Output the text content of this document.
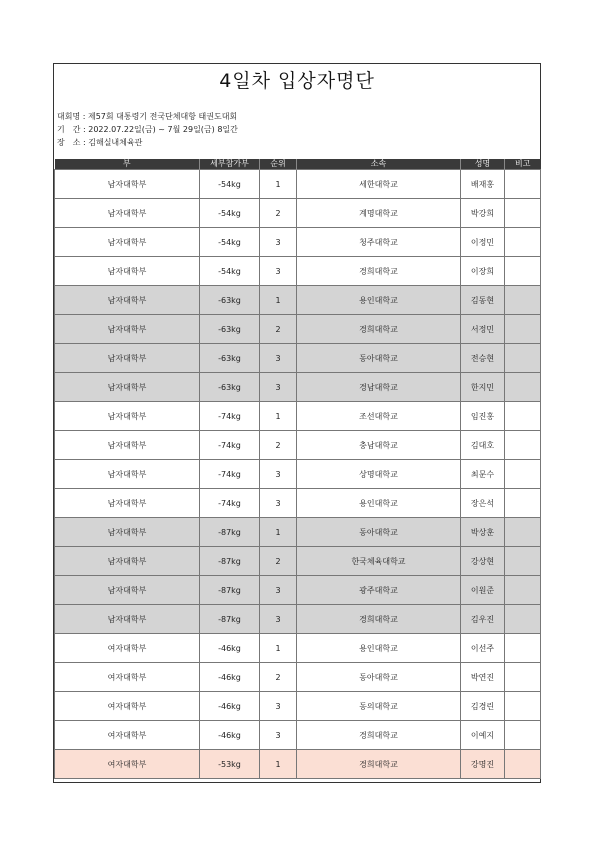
4일차 입상자명단
대회명 : 제57회 대통령기 전국단체대항 태권도대회
기　간 : 2022.07.22일(금) ~ 7월 29일(금) 8일간
장　소 : 김해실내체육관
부	세부참가부	순위	소속	성명	비고
남자대학부	-54kg	1	세한대학교	배재홍	
남자대학부	-54kg	2	계명대학교	박강희	
남자대학부	-54kg	3	청주대학교	이정민	
남자대학부	-54kg	3	경희대학교	이장희	
남자대학부	-63kg	1	용인대학교	김동현	
남자대학부	-63kg	2	경희대학교	서정민	
남자대학부	-63kg	3	동아대학교	전승현	
남자대학부	-63kg	3	경남대학교	한지민	
남자대학부	-74kg	1	조선대학교	임진홍	
남자대학부	-74kg	2	충남대학교	김대호	
남자대학부	-74kg	3	상명대학교	최문수	
남자대학부	-74kg	3	용인대학교	장은석	
남자대학부	-87kg	1	동아대학교	박상훈	
남자대학부	-87kg	2	한국체육대학교	강상현	
남자대학부	-87kg	3	광주대학교	이원준	
남자대학부	-87kg	3	경희대학교	김우진	
여자대학부	-46kg	1	용인대학교	이선주	
여자대학부	-46kg	2	동아대학교	박연진	
여자대학부	-46kg	3	동의대학교	김경린	
여자대학부	-46kg	3	경희대학교	이예지	
여자대학부	-53kg	1	경희대학교	강명진	
